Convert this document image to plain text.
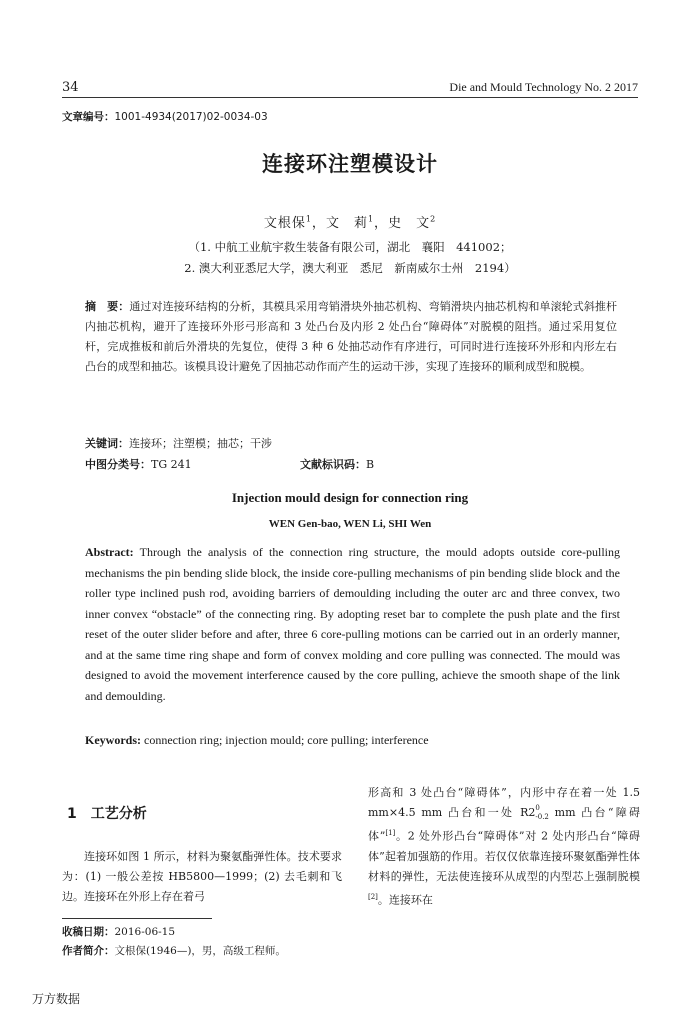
34	Die and Mould Technology No. 2 2017
文章编号：1001-4934(2017)02-0034-03
连接环注塑模设计
文根保$^1$，文　莉$^1$，史　文$^2$
（1. 中航工业航宇救生装备有限公司，湖北　襄阳　441002；
2. 澳大利亚悉尼大学，澳大利亚　悉尼　新南威尔士州　2194）
摘　要：通过对连接环结构的分析，其模具采用弯销滑块外抽芯机构、弯销滑块内抽芯机构和单滚轮式斜推杆内抽芯机构，避开了连接环外形弓形高和 3 处凸台及内形 2 处凸台“障碍体”对脱模的阻挡。通过采用复位杆，完成推板和前后外滑块的先复位，使得 3 种 6 处抽芯动作有序进行，可同时进行连接环外形和内形左右凸台的成型和抽芯。该模具设计避免了因抽芯动作而产生的运动干涉，实现了连接环的顺利成型和脱模。
关键词：连接环；注塑模；抽芯；干涉
中图分类号：TG 241	文献标识码：B
Injection mould design for connection ring
WEN Gen-bao, WEN Li, SHI Wen
Abstract: Through the analysis of the connection ring structure, the mould adopts outside core-pulling mechanisms the pin bending slide block, the inside core-pulling mechanisms of pin bending slide block and the roller type inclined push rod, avoiding barriers of demoulding including the outer arc and three convex, two inner convex “obstacle” of the connecting ring. By adopting reset bar to complete the push plate and the first reset of the outer slider before and after, three 6 core-pulling motions can be carried out in an orderly manner, and at the same time ring shape and form of convex molding and core pulling was connected. The mould was designed to avoid the movement interference caused by the core pulling, achieve the smooth shape of the link and demoulding.
Keywords: connection ring; injection mould; core pulling; interference
1　工艺分析

连接环如图 1 所示，材料为聚氨酯弹性体。技术要求为：(1) 一般公差按 HB5800—1999；(2) 去毛刺和飞边。连接环在外形上存在着弓

形高和 3 处凸台“障碍体”，内形中存在着一处 1.5 mm×4.5 mm 凸台和一处 R20
-0.2 mm 凸台“障碍体”[1]。2 处外形凸台“障碍体”对 2 处内形凸台“障碍体”起着加强筋的作用。若仅仅依靠连接环聚氨酯弹性体材料的弹性，无法使连接环从成型的内型芯上强制脱模[2]。连接环在

收稿日期：2016-06-15
作者简介：文根保(1946—)，男，高级工程师。
万方数据
